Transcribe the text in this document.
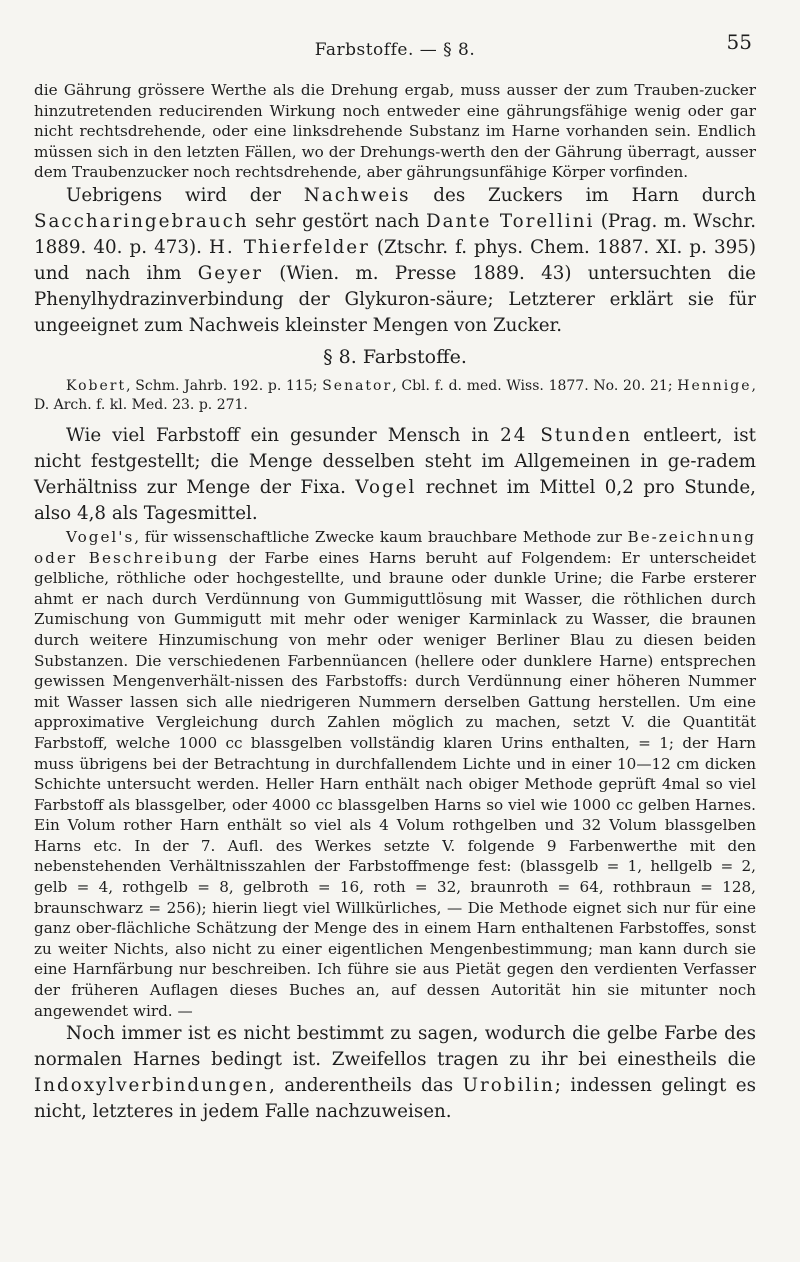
Farbstoffe. — § 8.	55

die Gährung grössere Werthe als die Drehung ergab, muss ausser der zum Trauben-zucker hinzutretenden reducirenden Wirkung noch entweder eine gährungsfähige wenig oder gar nicht rechtsdrehende, oder eine linksdrehende Substanz im Harne vorhanden sein. Endlich müssen sich in den letzten Fällen, wo der Drehungs-werth den der Gährung überragt, ausser dem Traubenzucker noch rechtsdrehende, aber gährungsunfähige Körper vorfinden.

Uebrigens wird der Nachweis des Zuckers im Harn durch Saccharingebrauch sehr gestört nach Dante Torellini (Prag. m. Wschr. 1889. 40. p. 473). H. Thierfelder (Ztschr. f. phys. Chem. 1887. XI. p. 395) und nach ihm Geyer (Wien. m. Presse 1889. 43) untersuchten die Phenylhydrazinverbindung der Glykuron-säure; Letzterer erklärt sie für ungeeignet zum Nachweis kleinster Mengen von Zucker.

§ 8. Farbstoffe.

Kobert, Schm. Jahrb. 192. p. 115; Senator, Cbl. f. d. med. Wiss. 1877. No. 20. 21; Hennige, D. Arch. f. kl. Med. 23. p. 271.

Wie viel Farbstoff ein gesunder Mensch in 24 Stunden entleert, ist nicht festgestellt; die Menge desselben steht im Allgemeinen in ge-radem Verhältniss zur Menge der Fixa. Vogel rechnet im Mittel 0,2 pro Stunde, also 4,8 als Tagesmittel.

Vogel's, für wissenschaftliche Zwecke kaum brauchbare Methode zur Be-zeichnung oder Beschreibung der Farbe eines Harns beruht auf Folgendem: Er unterscheidet gelbliche, röthliche oder hochgestellte, und braune oder dunkle Urine; die Farbe ersterer ahmt er nach durch Verdünnung von Gummiguttlösung mit Wasser, die röthlichen durch Zumischung von Gummigutt mit mehr oder weniger Karminlack zu Wasser, die braunen durch weitere Hinzumischung von mehr oder weniger Berliner Blau zu diesen beiden Substanzen. Die verschiedenen Farbennüancen (hellere oder dunklere Harne) entsprechen gewissen Mengenverhält-nissen des Farbstoffs: durch Verdünnung einer höheren Nummer mit Wasser lassen sich alle niedrigeren Nummern derselben Gattung herstellen. Um eine approximative Vergleichung durch Zahlen möglich zu machen, setzt V. die Quantität Farbstoff, welche 1000 cc blassgelben vollständig klaren Urins enthalten, = 1; der Harn muss übrigens bei der Betrachtung in durchfallendem Lichte und in einer 10—12 cm dicken Schichte untersucht werden. Heller Harn enthält nach obiger Methode geprüft 4mal so viel Farbstoff als blassgelber, oder 4000 cc blassgelben Harns so viel wie 1000 cc gelben Harnes. Ein Volum rother Harn enthält so viel als 4 Volum rothgelben und 32 Volum blassgelben Harns etc. In der 7. Aufl. des Werkes setzte V. folgende 9 Farbenwerthe mit den nebenstehenden Verhältnisszahlen der Farbstoffmenge fest: (blassgelb = 1, hellgelb = 2, gelb = 4, rothgelb = 8, gelbroth = 16, roth = 32, braunroth = 64, rothbraun = 128, braunschwarz = 256); hierin liegt viel Willkürliches, — Die Methode eignet sich nur für eine ganz ober-flächliche Schätzung der Menge des in einem Harn enthaltenen Farbstoffes, sonst zu weiter Nichts, also nicht zu einer eigentlichen Mengenbestimmung; man kann durch sie eine Harnfärbung nur beschreiben. Ich führe sie aus Pietät gegen den verdienten Verfasser der früheren Auflagen dieses Buches an, auf dessen Autorität hin sie mitunter noch angewendet wird. —

Noch immer ist es nicht bestimmt zu sagen, wodurch die gelbe Farbe des normalen Harnes bedingt ist. Zweifellos tragen zu ihr bei einestheils die Indoxylverbindungen, anderentheils das Urobilin; indessen gelingt es nicht, letzteres in jedem Falle nachzuweisen.
